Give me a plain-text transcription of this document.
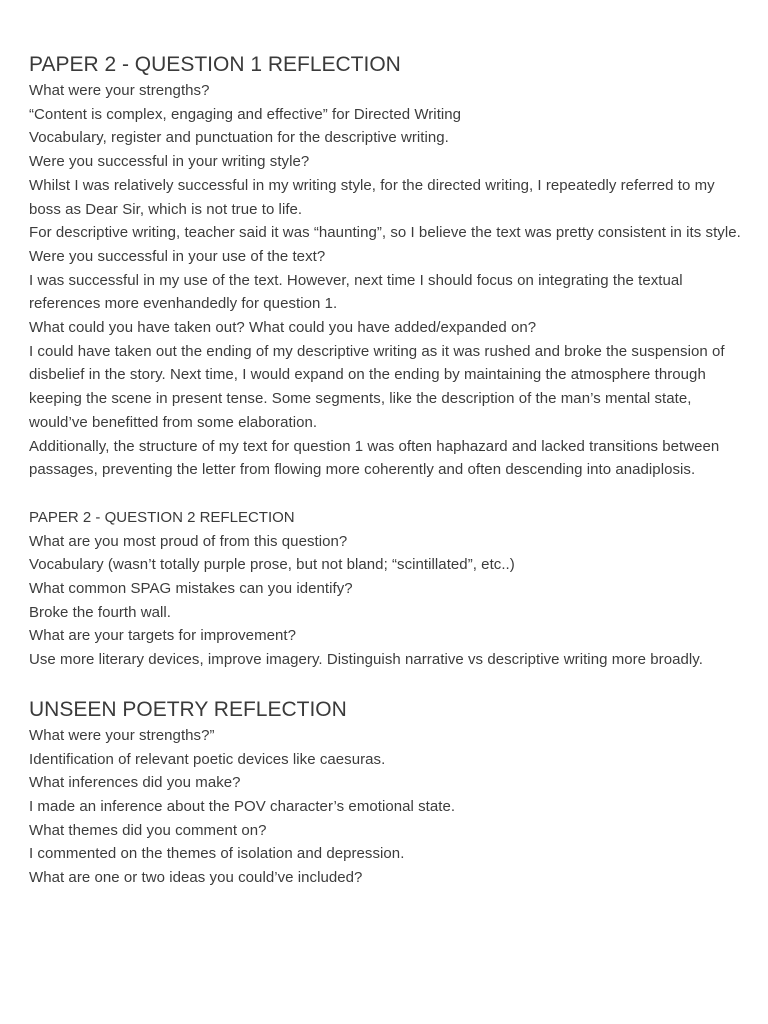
PAPER 2 - QUESTION 1 REFLECTION

What were your strengths?

“Content is complex, engaging and effective” for Directed Writing

Vocabulary, register and punctuation for the descriptive writing.

Were you successful in your writing style?

Whilst I was relatively successful in my writing style, for the directed writing, I repeatedly referred to my boss as Dear Sir, which is not true to life.

For descriptive writing, teacher said it was “haunting”, so I believe the text was pretty consistent in its style.

Were you successful in your use of the text?

I was successful in my use of the text. However, next time I should focus on integrating the textual references more evenhandedly for question 1.

What could you have taken out? What could you have added/expanded on?

I could have taken out the ending of my descriptive writing as it was rushed and broke the suspension of disbelief in the story. Next time, I would expand on the ending by maintaining the atmosphere through keeping the scene in present tense. Some segments, like the description of the man’s mental state, would’ve benefitted from some elaboration.

Additionally, the structure of my text for question 1 was often haphazard and lacked transitions between passages, preventing the letter from flowing more coherently and often descending into anadiplosis.

PAPER 2 - QUESTION 2 REFLECTION

What are you most proud of from this question?

Vocabulary (wasn’t totally purple prose, but not bland; “scintillated”, etc..)

What common SPAG mistakes can you identify?

Broke the fourth wall.

What are your targets for improvement?

Use more literary devices, improve imagery. Distinguish narrative vs descriptive writing more broadly.

UNSEEN POETRY REFLECTION

What were your strengths?”

Identification of relevant poetic devices like caesuras.

What inferences did you make?

I made an inference about the POV character’s emotional state.

What themes did you comment on?

I commented on the themes of isolation and depression.

What are one or two ideas you could’ve included?
